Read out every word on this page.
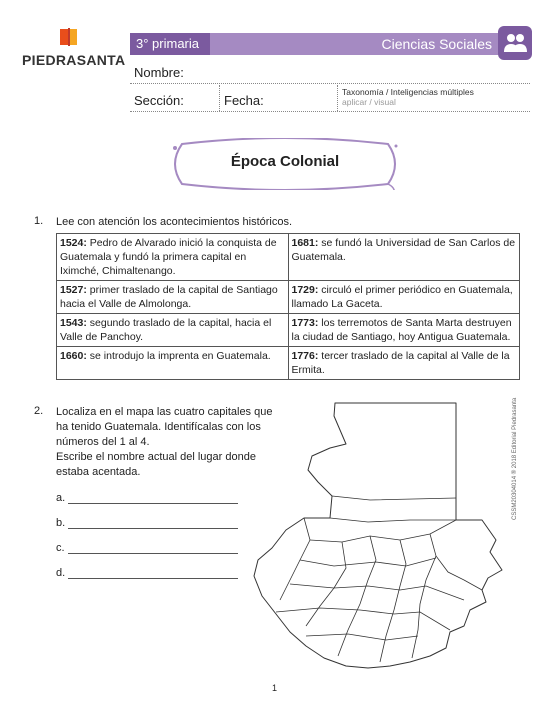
PIEDRASANTA
3° primaria	Ciencias Sociales
Nombre:
Sección:	Fecha:
Taxonomía / Inteligencias múltiples
aplicar / visual
Época Colonial
1. Lee con atención los acontecimientos históricos.
1524: Pedro de Alvarado inició la conquista de Guatemala y fundó la primera capital en Iximché, Chimaltenango.	1681: se fundó la Universidad de San Carlos de Guatemala.
1527: primer traslado de la capital de Santiago hacia el Valle de Almolonga.	1729: circuló el primer periódico en Guatemala, llamado La Gaceta.
1543: segundo traslado de la capital, hacia el Valle de Panchoy.	1773: los terremotos de Santa Marta destruyen la ciudad de Santiago, hoy Antigua Guatemala.
1660: se introdujo la imprenta en Guatemala.	1776: tercer traslado de la capital al Valle de la Ermita.
2. Localiza en el mapa las cuatro capitales que
ha tenido Guatemala. Identifícalas con los
números del 1 al 4.
Escribe el nombre actual del lugar donde
estaba acentada.
a.
b.
c.
d.
CSSM20304014 ® 2018 Editorial Piedrasanta
1
